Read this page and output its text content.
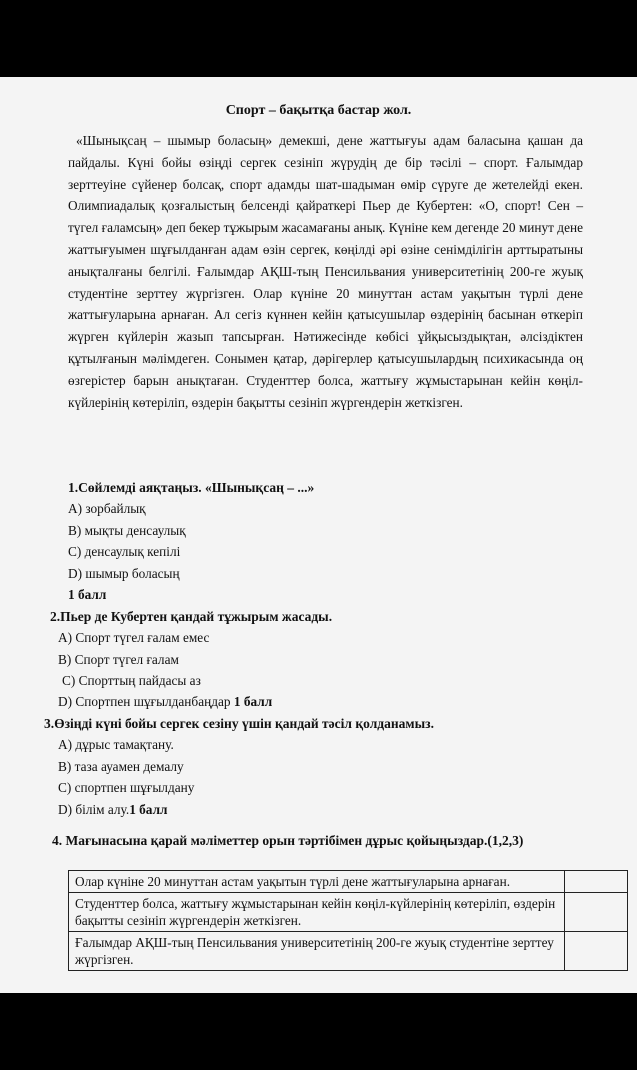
Спорт – бақытқа бастар жол.
«Шынықсаң – шымыр боласың» демекші, дене жаттығуы адам баласына қашан да пайдалы. Күні бойы өзіңді сергек сезініп жүрудің де бір тәсілі – спорт. Ғалымдар зерттеуіне сүйенер болсақ, спорт адамды шат-шадыман өмір сүруге де жетелейді екен. Олимпиадалық қозғалыстың белсенді қайраткері Пьер де Кубертен: «О, спорт! Сен – түгел ғаламсың» деп бекер тұжырым жасамағаны анық. Күніне кем дегенде 20 минут дене жаттығуымен шұғылданған адам өзін сергек, көңілді әрі өзіне сенімділігін арттыратыны анықталғаны белгілі. Ғалымдар АҚШ-тың Пенсильвания университетінің 200-ге жуық студентіне зерттеу жүргізген. Олар күніне 20 минуттан астам уақытын түрлі дене жаттығуларына арнаған. Ал сегіз күннен кейін қатысушылар өздерінің басынан өткеріп жүрген күйлерін жазып тапсырған. Нәтижесінде көбісі ұйқысыздықтан, әлсіздіктен құтылғанын мәлімдеген. Сонымен қатар, дәрігерлер қатысушылардың психикасында оң өзгерістер барын анықтаған. Студенттер болса, жаттығу жұмыстарынан кейін көңіл-күйлерінің көтеріліп, өздерін бақытты сезініп жүргендерін жеткізген.
1.Сөйлемді аяқтаңыз. «Шынықсаң – ...»
А) зорбайлық
В) мықты денсаулық
С) денсаулық кепілі
D) шымыр боласың
1 балл
2.Пьер де Кубертен қандай тұжырым жасады.
А) Спорт түгел ғалам емес
В) Спорт түгел ғалам
С) Спорттың пайдасы аз
D) Спортпен шұғылданбаңдар 1 балл
3.Өзіңді күні бойы сергек сезіну үшін қандай тәсіл қолданамыз.
А) дұрыс тамақтану.
В) таза ауамен демалу
С) спортпен шұғылдану
D) білім алу.1 балл
4. Мағынасына қарай мәліметтер орын тәртібімен дұрыс қойыңыздар.(1,2,3)
Олар күніне 20 минуттан астам уақытын түрлі дене жаттығуларына арнаған.	
Студенттер болса, жаттығу жұмыстарынан кейін көңіл-күйлерінің көтеріліп, өздерін бақытты сезініп жүргендерін жеткізген.	
Ғалымдар АҚШ-тың Пенсильвания университетінің 200-ге жуық студентіне зерттеу жүргізген.	
